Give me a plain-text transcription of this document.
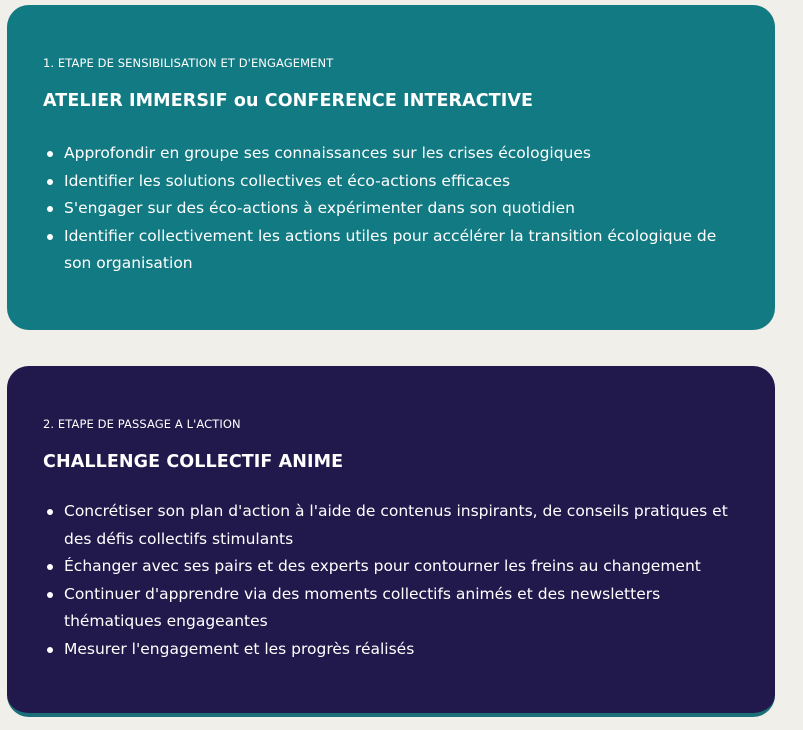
1. ETAPE DE SENSIBILISATION ET D'ENGAGEMENT

ATELIER IMMERSIF ou CONFERENCE INTERACTIVE
Approfondir en groupe ses connaissances sur les crises écologiques
Identifier les solutions collectives et éco-actions efficaces
S'engager sur des éco-actions à expérimenter dans son quotidien
Identifier collectivement les actions utiles pour accélérer la transition écologique de son organisation

2. ETAPE DE PASSAGE A L'ACTION

CHALLENGE COLLECTIF ANIME
Concrétiser son plan d'action à l'aide de contenus inspirants, de conseils pratiques et des défis collectifs stimulants
Échanger avec ses pairs et des experts pour contourner les freins au changement
Continuer d'apprendre via des moments collectifs animés et des newsletters thématiques engageantes
Mesurer l'engagement et les progrès réalisés
